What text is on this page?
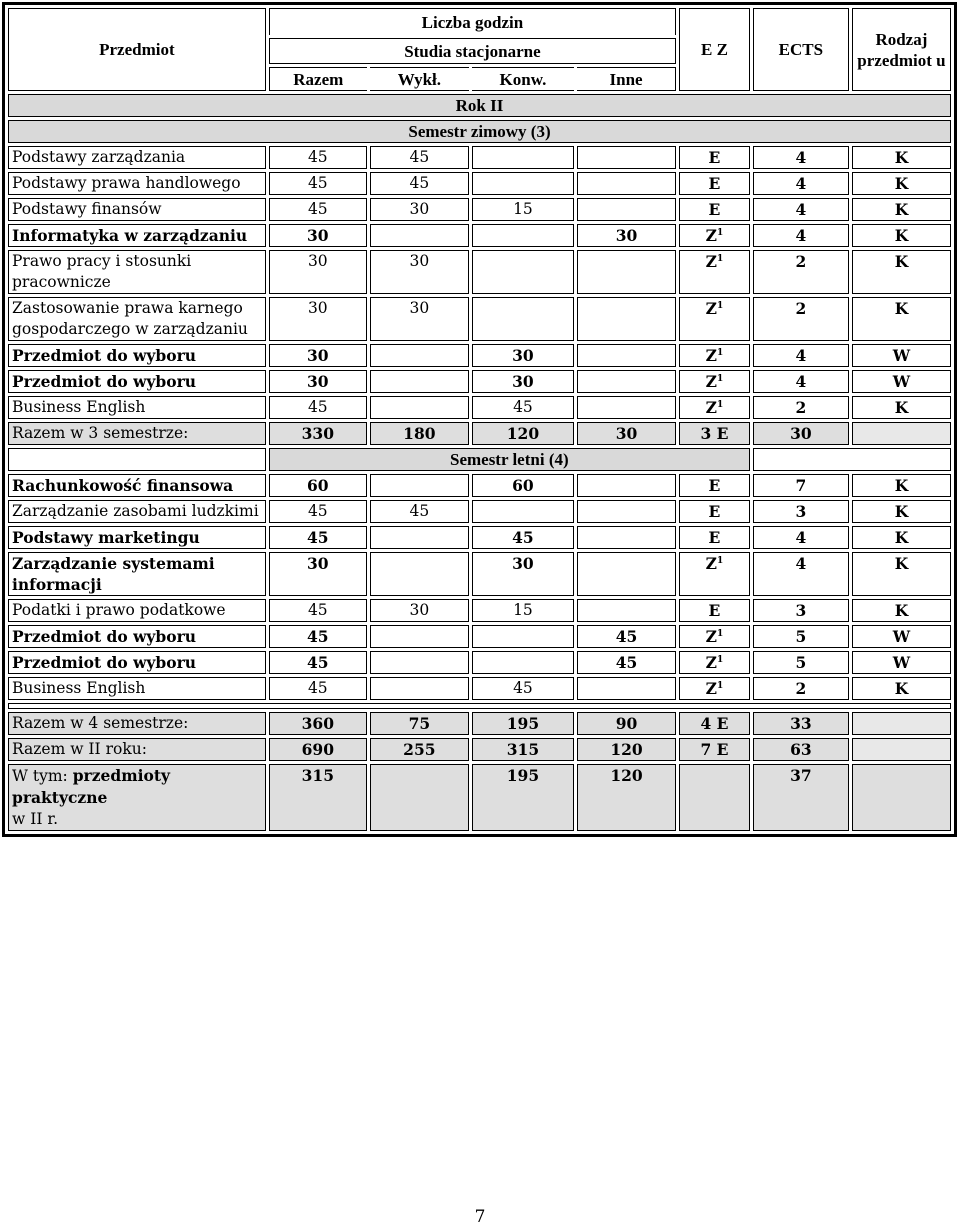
Przedmiot	Liczba godzin				E Z	ECTS	Rodzaj przedmiot u
	Studia stacjonarne						
	Razem	Wykł.	Konw.	Inne			
Rok II							
Semestr zimowy (3)							
Podstawy zarządzania	45	45			E	4	K
Podstawy prawa handlowego	45	45			E	4	K
Podstawy finansów	45	30	15		E	4	K
Informatyka w zarządzaniu	30			30	$Z^1$	4	K
Prawo pracy i stosunki pracownicze	30	30			$Z^1$	2	K
Zastosowanie prawa karnego gospodarczego w zarządzaniu	30	30			$Z^1$	2	K
Przedmiot do wyboru	30		30		$Z^1$	4	W
Przedmiot do wyboru	30		30		$Z^1$	4	W
Business English	45		45		$Z^1$	2	K
Razem w 3 semestrze:	330	180	120	30	3 E	30	
	Semestr letni (4)						
Rachunkowość finansowa	60		60		E	7	K
Zarządzanie zasobami ludzkimi	45	45			E	3	K
Podstawy marketingu	45		45		E	4	K
Zarządzanie systemami informacji	30		30		$Z^1$	4	K
Podatki i prawo podatkowe	45	30	15		E	3	K
Przedmiot do wyboru	45			45	$Z^1$	5	W
Przedmiot do wyboru	45			45	$Z^1$	5	W
Business English	45		45		$Z^1$	2	K

Razem w 4 semestrze:	360	75	195	90	4 E	33	
Razem w II roku:	690	255	315	120	7 E	63	
W tym: przedmioty praktyczne
w II r.	315		195	120		37	
7
